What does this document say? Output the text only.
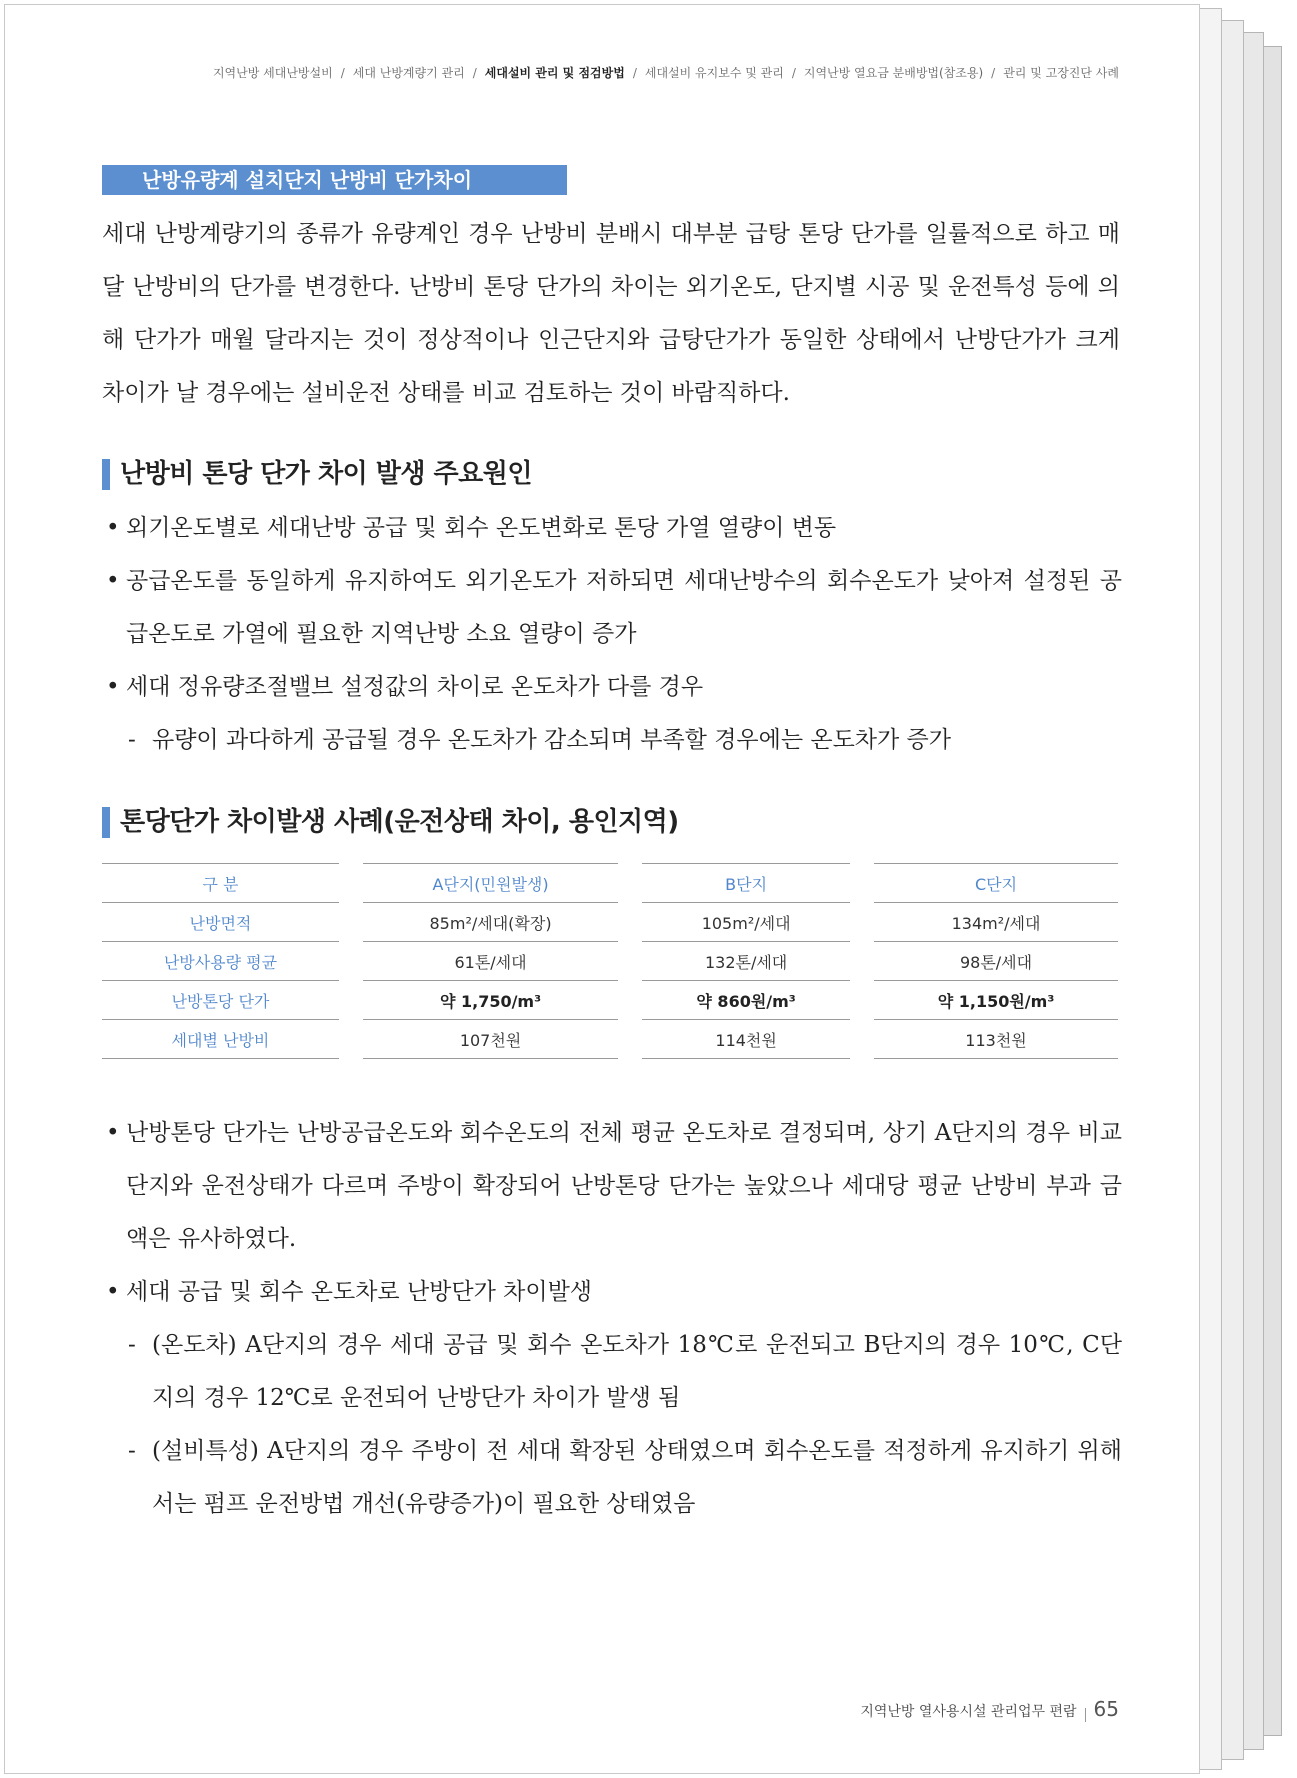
지역난방 세대난방설비 / 세대 난방계량기 관리 / 세대설비 관리 및 점검방법 / 세대설비 유지보수 및 관리 / 지역난방 열요금 분배방법(참조용) / 관리 및 고장진단 사례
난방유량계 설치단지 난방비 단가차이

세대 난방계량기의 종류가 유량계인 경우 난방비 분배시 대부분 급탕 톤당 단가를 일률적으로 하고 매달 난방비의 단가를 변경한다. 난방비 톤당 단가의 차이는 외기온도, 단지별 시공 및 운전특성 등에 의해 단가가 매월 달라지는 것이 정상적이나 인근단지와 급탕단가가 동일한 상태에서 난방단가가 크게 차이가 날 경우에는 설비운전 상태를 비교 검토하는 것이 바람직하다.

난방비 톤당 단가 차이 발생 주요원인
• 외기온도별로 세대난방 공급 및 회수 온도변화로 톤당 가열 열량이 변동
• 공급온도를 동일하게 유지하여도 외기온도가 저하되면 세대난방수의 회수온도가 낮아져 설정된 공급온도로 가열에 필요한 지역난방 소요 열량이 증가
• 세대 정유량조절밸브 설정값의 차이로 온도차가 다를 경우
- 유량이 과다하게 공급될 경우 온도차가 감소되며 부족할 경우에는 온도차가 증가
톤당단가 차이발생 사례(운전상태 차이, 용인지역)
구 분	A단지(민원발생)	B단지	C단지
난방면적	85m²/세대(확장)	105m²/세대	134m²/세대
난방사용량 평균	61톤/세대	132톤/세대	98톤/세대
난방톤당 단가	약 1,750/m³	약 860원/m³	약 1,150원/m³
세대별 난방비	107천원	114천원	113천원
• 난방톤당 단가는 난방공급온도와 회수온도의 전체 평균 온도차로 결정되며, 상기 A단지의 경우 비교단지와 운전상태가 다르며 주방이 확장되어 난방톤당 단가는 높았으나 세대당 평균 난방비 부과 금액은 유사하였다.
• 세대 공급 및 회수 온도차로 난방단가 차이발생
- (온도차) A단지의 경우 세대 공급 및 회수 온도차가 18℃로 운전되고 B단지의 경우 10℃, C단지의 경우 12℃로 운전되어 난방단가 차이가 발생 됨
- (설비특성) A단지의 경우 주방이 전 세대 확장된 상태였으며 회수온도를 적정하게 유지하기 위해서는 펌프 운전방법 개선(유량증가)이 필요한 상태였음
지역난방 열사용시설 관리업무 편람 65
